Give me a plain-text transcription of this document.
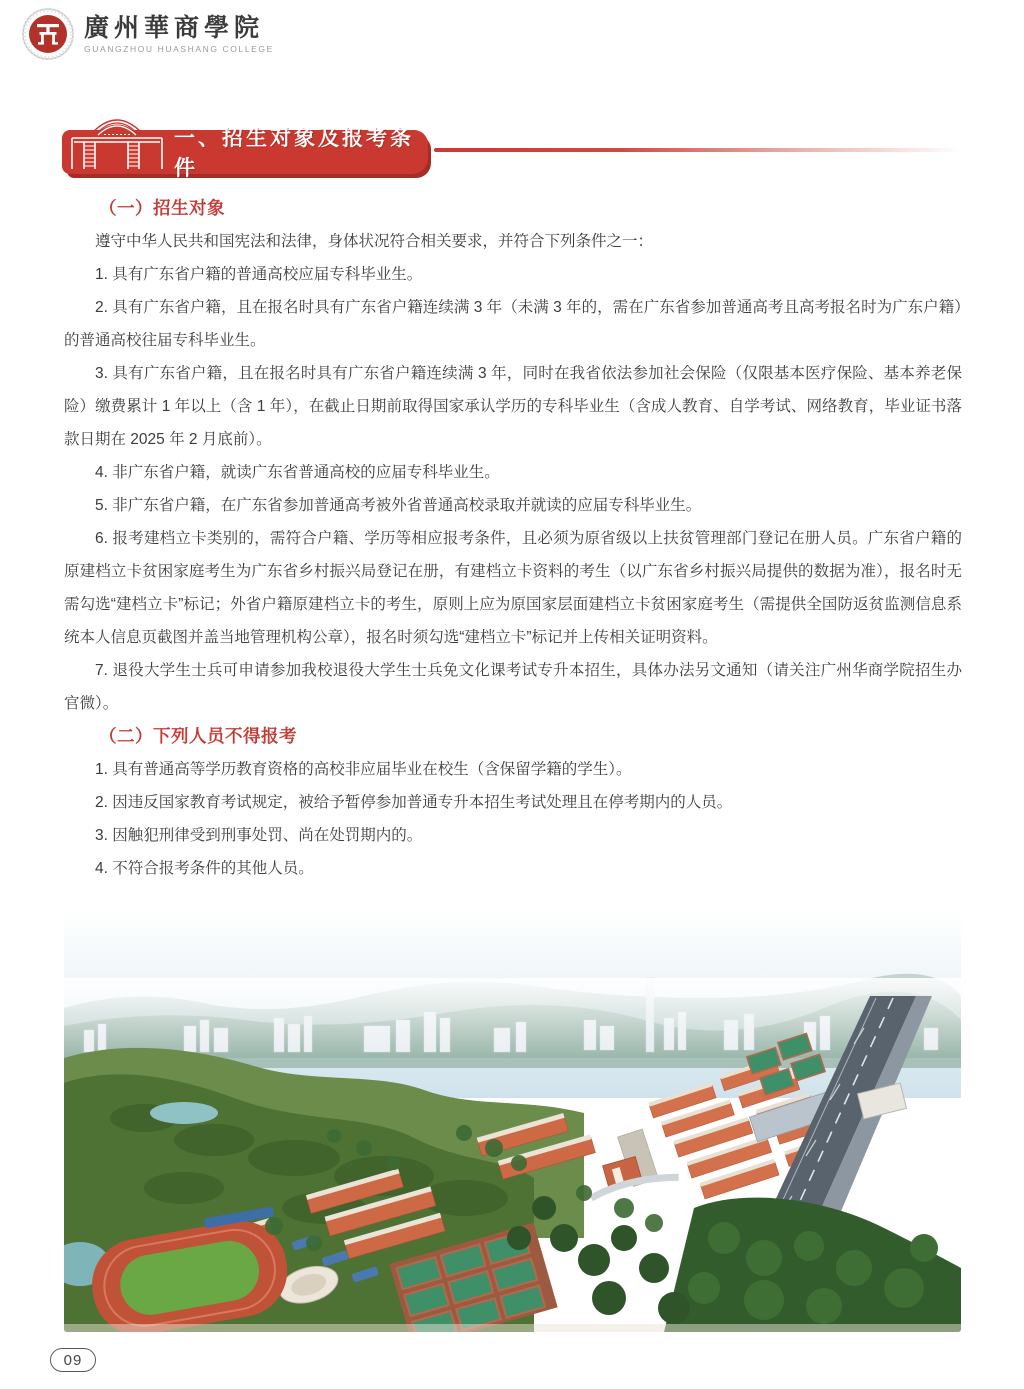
廣州華商學院
GUANGZHOU HUASHANG COLLEGE
一、招生对象及报考条件

（一）招生对象

遵守中华人民共和国宪法和法律，身体状况符合相关要求，并符合下列条件之一：

1. 具有广东省户籍的普通高校应届专科毕业生。

2. 具有广东省户籍，且在报名时具有广东省户籍连续满 3 年（未满 3 年的，需在广东省参加普通高考且高考报名时为广东户籍）的普通高校往届专科毕业生。

3. 具有广东省户籍，且在报名时具有广东省户籍连续满 3 年，同时在我省依法参加社会保险（仅限基本医疗保险、基本养老保险）缴费累计 1 年以上（含 1 年），在截止日期前取得国家承认学历的专科毕业生（含成人教育、自学考试、网络教育，毕业证书落款日期在 2025 年 2 月底前）。

4. 非广东省户籍，就读广东省普通高校的应届专科毕业生。

5. 非广东省户籍，在广东省参加普通高考被外省普通高校录取并就读的应届专科毕业生。

6. 报考建档立卡类别的，需符合户籍、学历等相应报考条件，且必须为原省级以上扶贫管理部门登记在册人员。广东省户籍的原建档立卡贫困家庭考生为广东省乡村振兴局登记在册，有建档立卡资料的考生（以广东省乡村振兴局提供的数据为准），报名时无需勾选“建档立卡”标记；外省户籍原建档立卡的考生，原则上应为原国家层面建档立卡贫困家庭考生（需提供全国防返贫监测信息系统本人信息页截图并盖当地管理机构公章），报名时须勾选“建档立卡”标记并上传相关证明资料。

7. 退役大学生士兵可申请参加我校退役大学生士兵免文化课考试专升本招生，具体办法另文通知（请关注广州华商学院招生办官微）。

（二）下列人员不得报考

1. 具有普通高等学历教育资格的高校非应届毕业在校生（含保留学籍的学生）。

2. 因违反国家教育考试规定，被给予暂停参加普通专升本招生考试处理且在停考期内的人员。

3. 因触犯刑律受到刑事处罚、尚在处罚期内的。

4. 不符合报考条件的其他人员。

09
